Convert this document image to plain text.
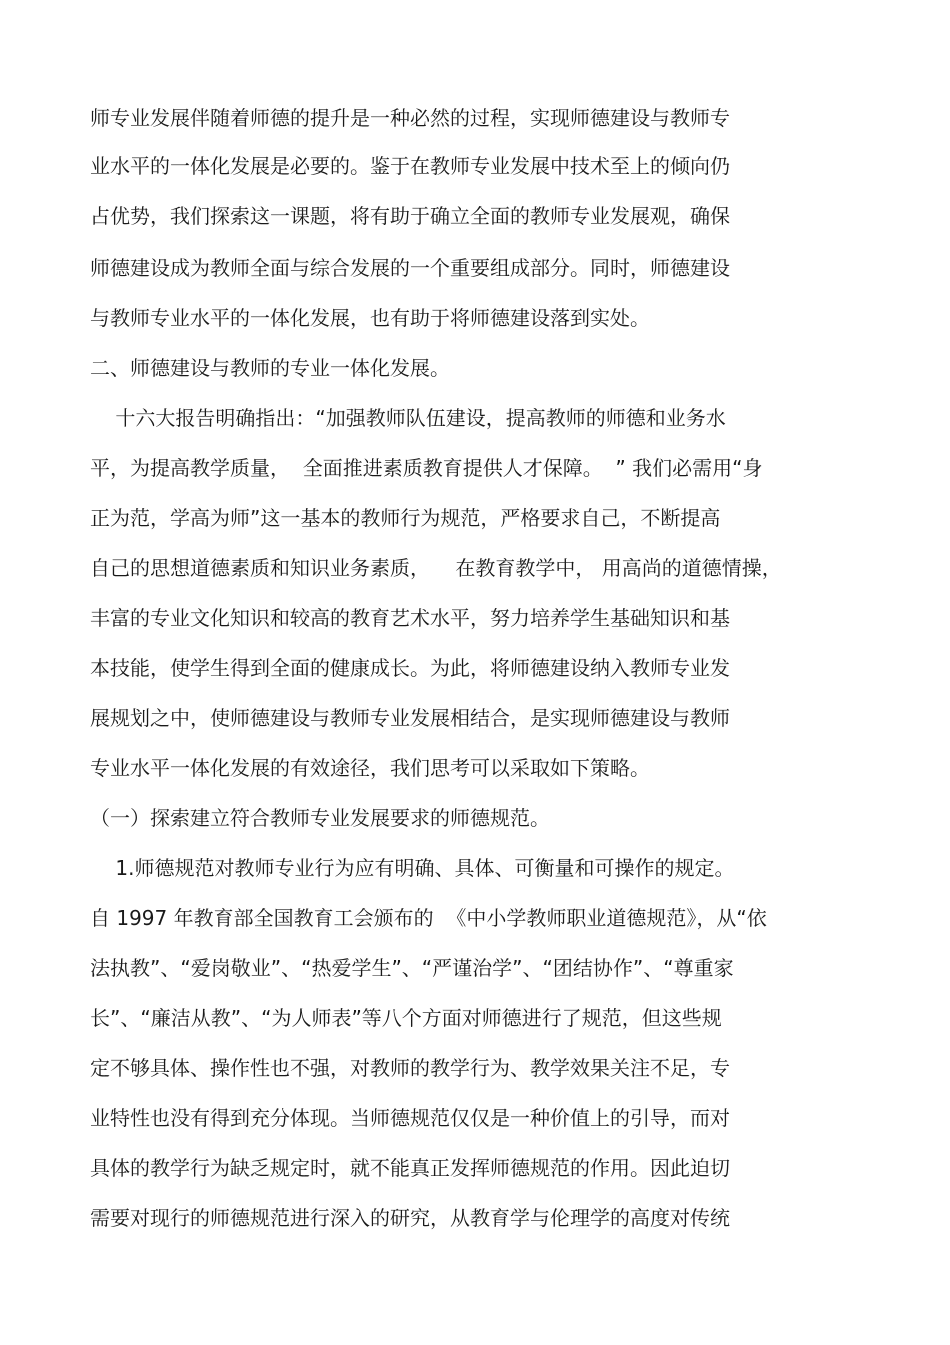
师专业发展伴随着师德的提升是一种必然的过程，实现师德建设与教师专
业水平的一体化发展是必要的。鉴于在教师专业发展中技术至上的倾向仍
占优势，我们探索这一课题，将有助于确立全面的教师专业发展观，确保
师德建设成为教师全面与综合发展的一个重要组成部分。同时，师德建设
与教师专业水平的一体化发展，也有助于将师德建设落到实处。
二、师德建设与教师的专业一体化发展。
十六大报告明确指出：“加强教师队伍建设，提高教师的师德和业务水
平，为提高教学质量，  全面推进素质教育提供人才保障。  ” 我们必需用“身
正为范，学高为师”这一基本的教师行为规范，严格要求自己，不断提高
自己的思想道德素质和知识业务素质，    在教育教学中， 用高尚的道德情操，
丰富的专业文化知识和较高的教育艺术水平，努力培养学生基础知识和基
本技能，使学生得到全面的健康成长。为此，将师德建设纳入教师专业发
展规划之中，使师德建设与教师专业发展相结合，是实现师德建设与教师
专业水平一体化发展的有效途径，我们思考可以采取如下策略。
（一）探索建立符合教师专业发展要求的师德规范。
1.师德规范对教师专业行为应有明确、具体、可衡量和可操作的规定。
自 1997 年教育部全国教育工会颁布的  《中小学教师职业道德规范》，从“依
法执教”、“爱岗敬业”、“热爱学生”、“严谨治学”、“团结协作”、“尊重家
长”、“廉洁从教”、“为人师表”等八个方面对师德进行了规范，但这些规
定不够具体、操作性也不强，对教师的教学行为、教学效果关注不足，专
业特性也没有得到充分体现。当师德规范仅仅是一种价值上的引导，而对
具体的教学行为缺乏规定时，就不能真正发挥师德规范的作用。因此迫切
需要对现行的师德规范进行深入的研究，从教育学与伦理学的高度对传统
